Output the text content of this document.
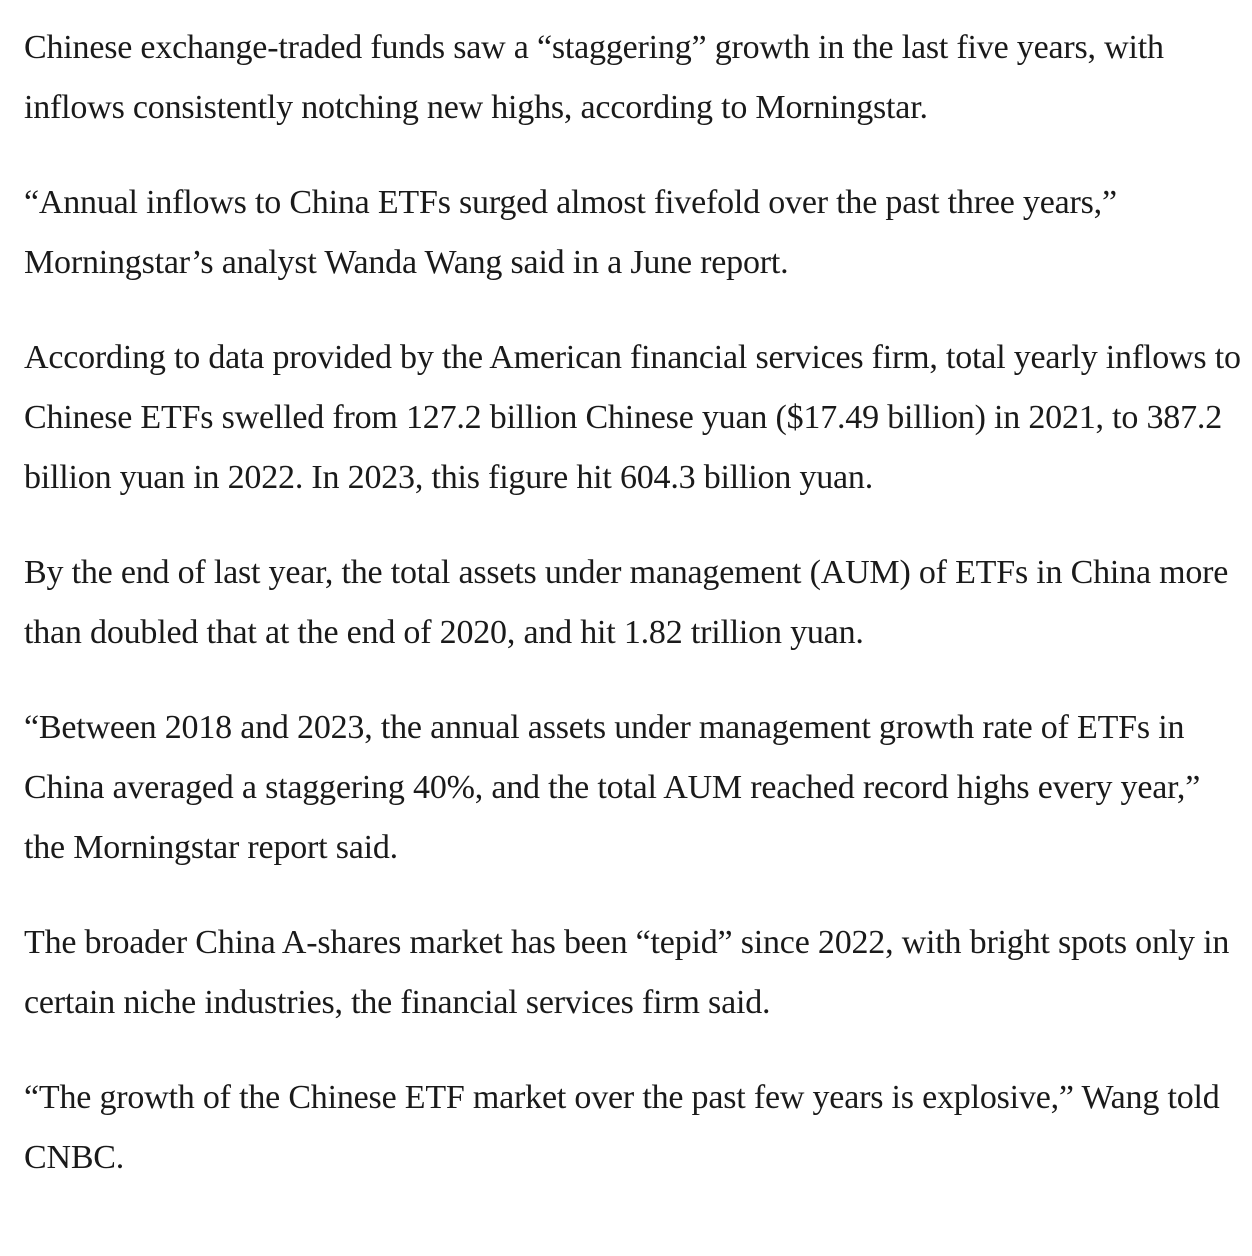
Chinese exchange-traded funds saw a “staggering” growth in the last five years, with inflows consistently notching new highs, according to Morningstar.

“Annual inflows to China ETFs surged almost fivefold over the past three years,” Morningstar’s analyst Wanda Wang said in a June report.

According to data provided by the American financial services firm, total yearly inflows to Chinese ETFs swelled from 127.2 billion Chinese yuan ($17.49 billion) in 2021, to 387.2 billion yuan in 2022. In 2023, this figure hit 604.3 billion yuan.

By the end of last year, the total assets under management (AUM) of ETFs in China more than doubled that at the end of 2020, and hit 1.82 trillion yuan.

“Between 2018 and 2023, the annual assets under management growth rate of ETFs in China averaged a staggering 40%, and the total AUM reached record highs every year,” the Morningstar report said.

The broader China A-shares market has been “tepid” since 2022, with bright spots only in certain niche industries, the financial services firm said.

“The growth of the Chinese ETF market over the past few years is explosive,” Wang told CNBC.
